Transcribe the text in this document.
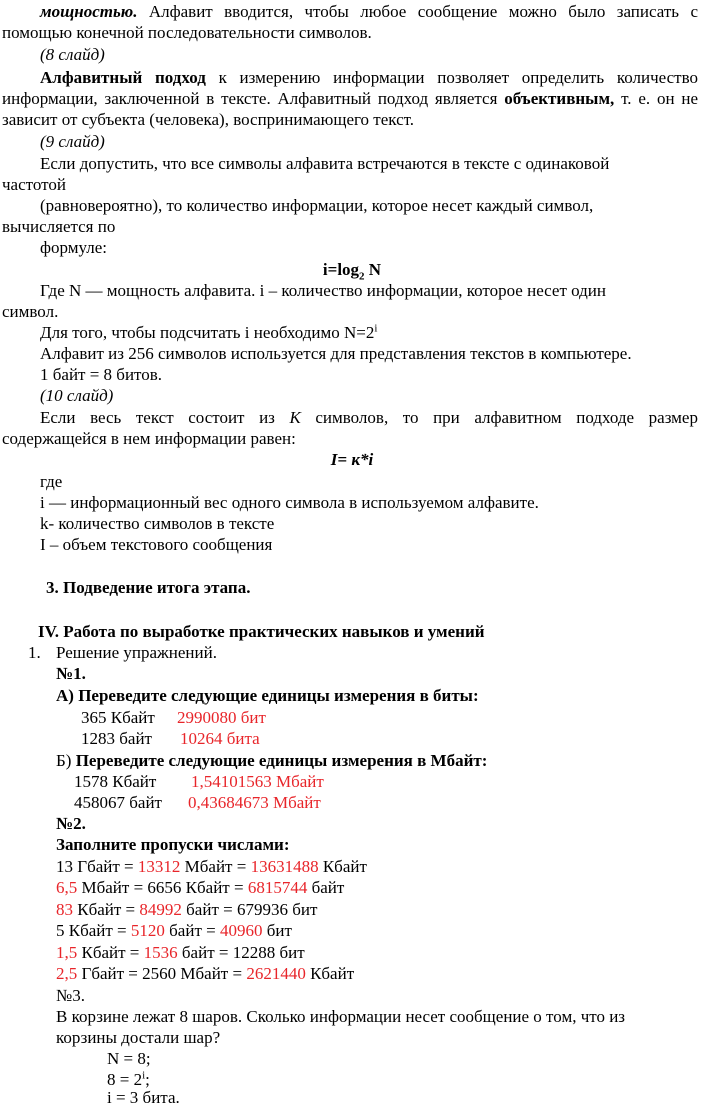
мощностью. Алфавит вводится, чтобы любое сообщение можно было записать с
помощью конечной последовательности символов.
(8 слайд)
Алфавитный подход к измерению информации позволяет определить количество
информации, заключенной в тексте. Алфавитный подход является объективным, т. е. он не
зависит от субъекта (человека), воспринимающего текст.
(9 слайд)
Если допустить, что все символы алфавита встречаются в тексте с одинаковой
частотой
(равновероятно), то количество информации, которое несет каждый символ,
вычисляется по
формуле:
$i=\log_2$ N
Где N — мощность алфавита. i – количество информации, которое несет один
символ.
Для того, чтобы подсчитать i необходимо $N=2^i$
Алфавит из 256 символов используется для представления текстов в компьютере.
1 байт = 8 битов.
(10 слайд)
Если весь текст состоит из К символов, то при алфавитном подходе размер
содержащейся в нем информации равен:
I= к*i
где
i — информационный вес одного символа в используемом алфавите.
k- количество символов в тексте
I – объем текстового сообщения
3. Подведение итога этапа.
IV. Работа по выработке практических навыков и умений
1. Решение упражнений.
№1.
А) Переведите следующие единицы измерения в биты:
365 Кбайт 2990080 бит
1283 байт 10264 бита
Б) Переведите следующие единицы измерения в Мбайт:
1578 Кбайт 1,54101563 Мбайт
458067 байт 0,43684673 Мбайт
№2.
Заполните пропуски числами:
13 Гбайт = 13312 Мбайт = 13631488 Кбайт
6,5 Мбайт = 6656 Кбайт = 6815744 байт
83 Кбайт = 84992 байт = 679936 бит
5 Кбайт = 5120 байт = 40960 бит
1,5 Кбайт = 1536 байт = 12288 бит
2,5 Гбайт = 2560 Мбайт = 2621440 Кбайт
№3.
В корзине лежат 8 шаров. Сколько информации несет сообщение о том, что из
корзины достали шар?
N = 8;
$8 = 2^i$;
i = 3 бита.
